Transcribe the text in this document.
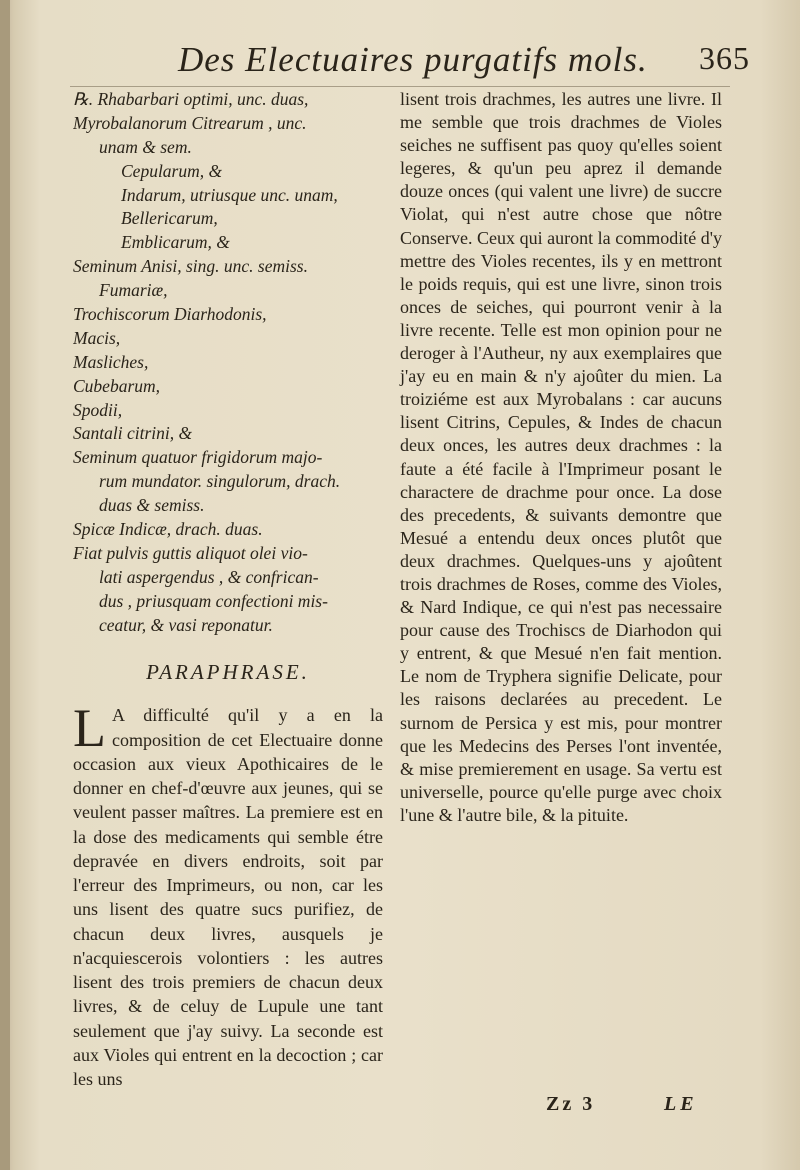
Des Electuaires purgatifs mols. 365
℞. Rhabarbari optimi, unc. duas,
Myrobalanorum Citrearum , unc.
unam & sem.
Cepularum, &
Indarum, utriusque unc. unam,
Bellericarum,
Emblicarum, &
Seminum Anisi, sing. unc. semiss.
Fumariæ,
Trochiscorum Diarhodonis,
Macis,
Masliches,
Cubebarum,
Spodii,
Santali citrini, &
Seminum quatuor frigidorum majo-
rum mundator. singulorum, drach.
duas & semiss.
Spicæ Indicæ, drach. duas.
Fiat pulvis guttis aliquot olei vio-
lati aspergendus , & confrican-
dus , priusquam confectioni mis-
ceatur, & vasi reponatur.
PARAPHRASE.
L A difficulté qu'il y a en la composition de cet Electuaire donne occasion aux vieux Apothicaires de le donner en chef-d'œuvre aux jeunes, qui se veulent passer maîtres. La premiere est en la dose des medicaments qui semble étre depravée en divers endroits, soit par l'erreur des Imprimeurs, ou non, car les uns lisent des quatre sucs purifiez, de chacun deux livres, ausquels je n'acquiescerois volontiers : les autres lisent des trois premiers de chacun deux livres, & de celuy de Lupule une tant seulement que j'ay suivy. La seconde est aux Violes qui entrent en la decoction ; car les uns
lisent trois drachmes, les autres une livre. Il me semble que trois drachmes de Violes seiches ne suffisent pas quoy qu'elles soient legeres, & qu'un peu aprez il demande douze onces (qui valent une livre) de succre Violat, qui n'est autre chose que nôtre Conserve. Ceux qui auront la commodité d'y mettre des Violes recentes, ils y en mettront le poids requis, qui est une livre, sinon trois onces de seiches, qui pourront venir à la livre recente. Telle est mon opinion pour ne deroger à l'Autheur, ny aux exemplaires que j'ay eu en main & n'y ajoûter du mien. La troiziéme est aux Myrobalans : car aucuns lisent Citrins, Cepules, & Indes de chacun deux onces, les autres deux drachmes : la faute a été facile à l'Imprimeur posant le charactere de drachme pour once. La dose des precedents, & suivants demontre que Mesué a entendu deux onces plutôt que deux drachmes. Quelques-uns y ajoûtent trois drachmes de Roses, comme des Violes, & Nard Indique, ce qui n'est pas necessaire pour cause des Trochiscs de Diarhodon qui y entrent, & que Mesué n'en fait mention. Le nom de Tryphera signifie Delicate, pour les raisons declarées au precedent. Le surnom de Persica y est mis, pour montrer que les Medecins des Perses l'ont inventée, & mise premierement en usage. Sa vertu est universelle, pource qu'elle purge avec choix l'une & l'autre bile, & la pituite.
Zz 3	LE
